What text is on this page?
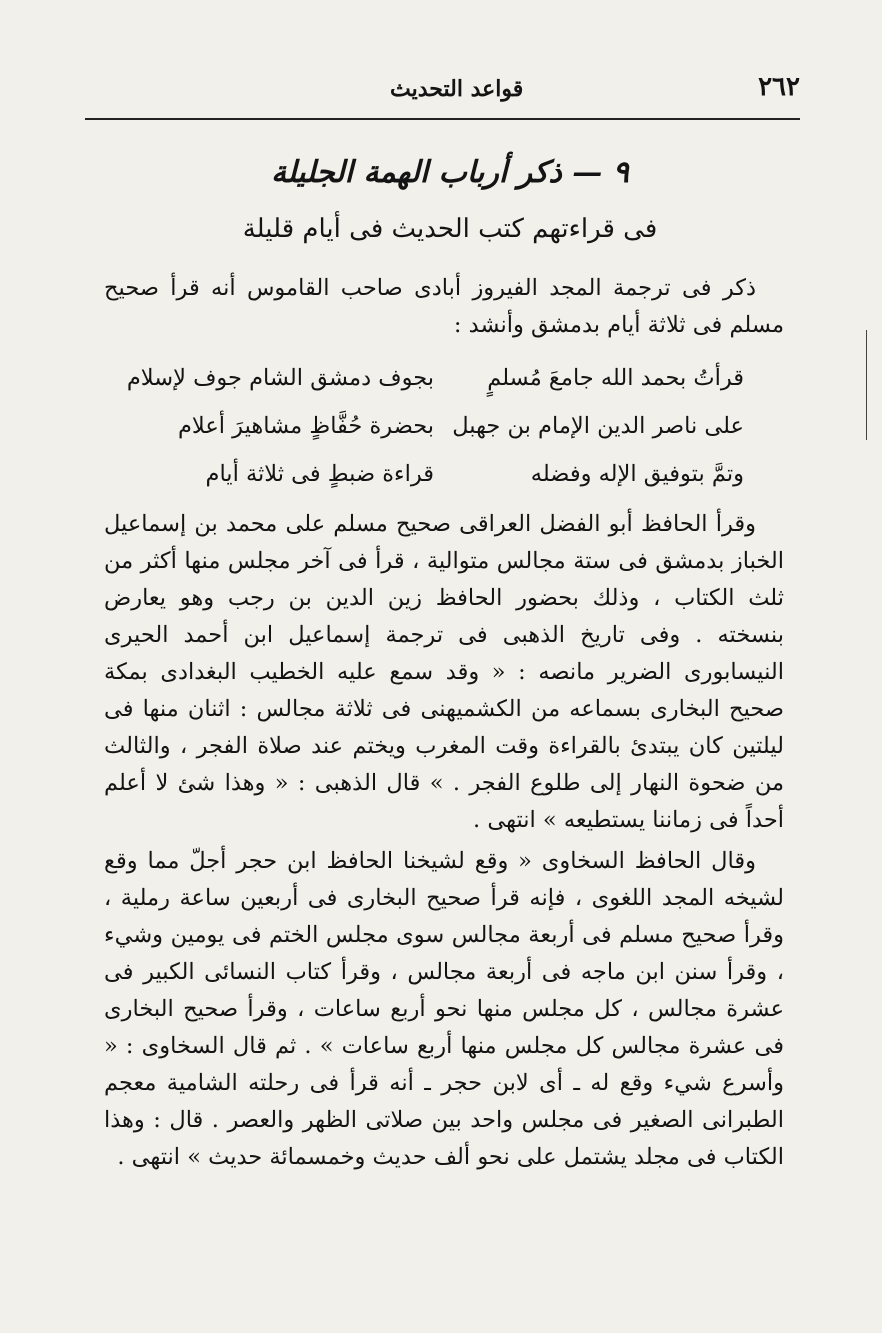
٢٦٢
قواعد التحديث
٩ — ذكر أرباب الهمة الجليلة
فى قراءتهم كتب الحديث فى أيام قليلة

ذكر فى ترجمة المجد الفيروز أبادى صاحب القاموس أنه قرأ صحيح مسلم فى ثلاثة أيام بدمشق وأنشد :

قرأتُ بحمد الله جامعَ مُسلمٍ
بجوف دمشق الشام جوف لإسلام
على ناصر الدين الإمام بن جهبل
بحضرة حُفَّاظٍ مشاهيرَ أعلام
وتمَّ بتوفيق الإله وفضله
قراءة ضبطٍ فى ثلاثة أيام

وقرأ الحافظ أبو الفضل العراقى صحيح مسلم على محمد بن إسماعيل الخباز بدمشق فى ستة مجالس متوالية ، قرأ فى آخر مجلس منها أكثر من ثلث الكتاب ، وذلك بحضور الحافظ زين الدين بن رجب وهو يعارض بنسخته . وفى تاريخ الذهبى فى ترجمة إسماعيل ابن أحمد الحيرى النيسابورى الضرير مانصه : « وقد سمع عليه الخطيب البغدادى بمكة صحيح البخارى بسماعه من الكشميهنى فى ثلاثة مجالس : اثنان منها فى ليلتين كان يبتدئ بالقراءة وقت المغرب ويختم عند صلاة الفجر ، والثالث من ضحوة النهار إلى طلوع الفجر . » قال الذهبى : « وهذا شئ لا أعلم أحداً فى زماننا يستطيعه » انتهى .

وقال الحافظ السخاوى « وقع لشيخنا الحافظ ابن حجر أجلّ مما وقع لشيخه المجد اللغوى ، فإنه قرأ صحيح البخارى فى أربعين ساعة رملية ، وقرأ صحيح مسلم فى أربعة مجالس سوى مجلس الختم فى يومين وشيء ، وقرأ سنن ابن ماجه فى أربعة مجالس ، وقرأ كتاب النسائى الكبير فى عشرة مجالس ، كل مجلس منها نحو أربع ساعات ، وقرأ صحيح البخارى فى عشرة مجالس كل مجلس منها أربع ساعات » . ثم قال السخاوى : « وأسرع شيء وقع له ـ أى لابن حجر ـ أنه قرأ فى رحلته الشامية معجم الطبرانى الصغير فى مجلس واحد بين صلاتى الظهر والعصر . قال : وهذا الكتاب فى مجلد يشتمل على نحو ألف حديث وخمسمائة حديث » انتهى .
